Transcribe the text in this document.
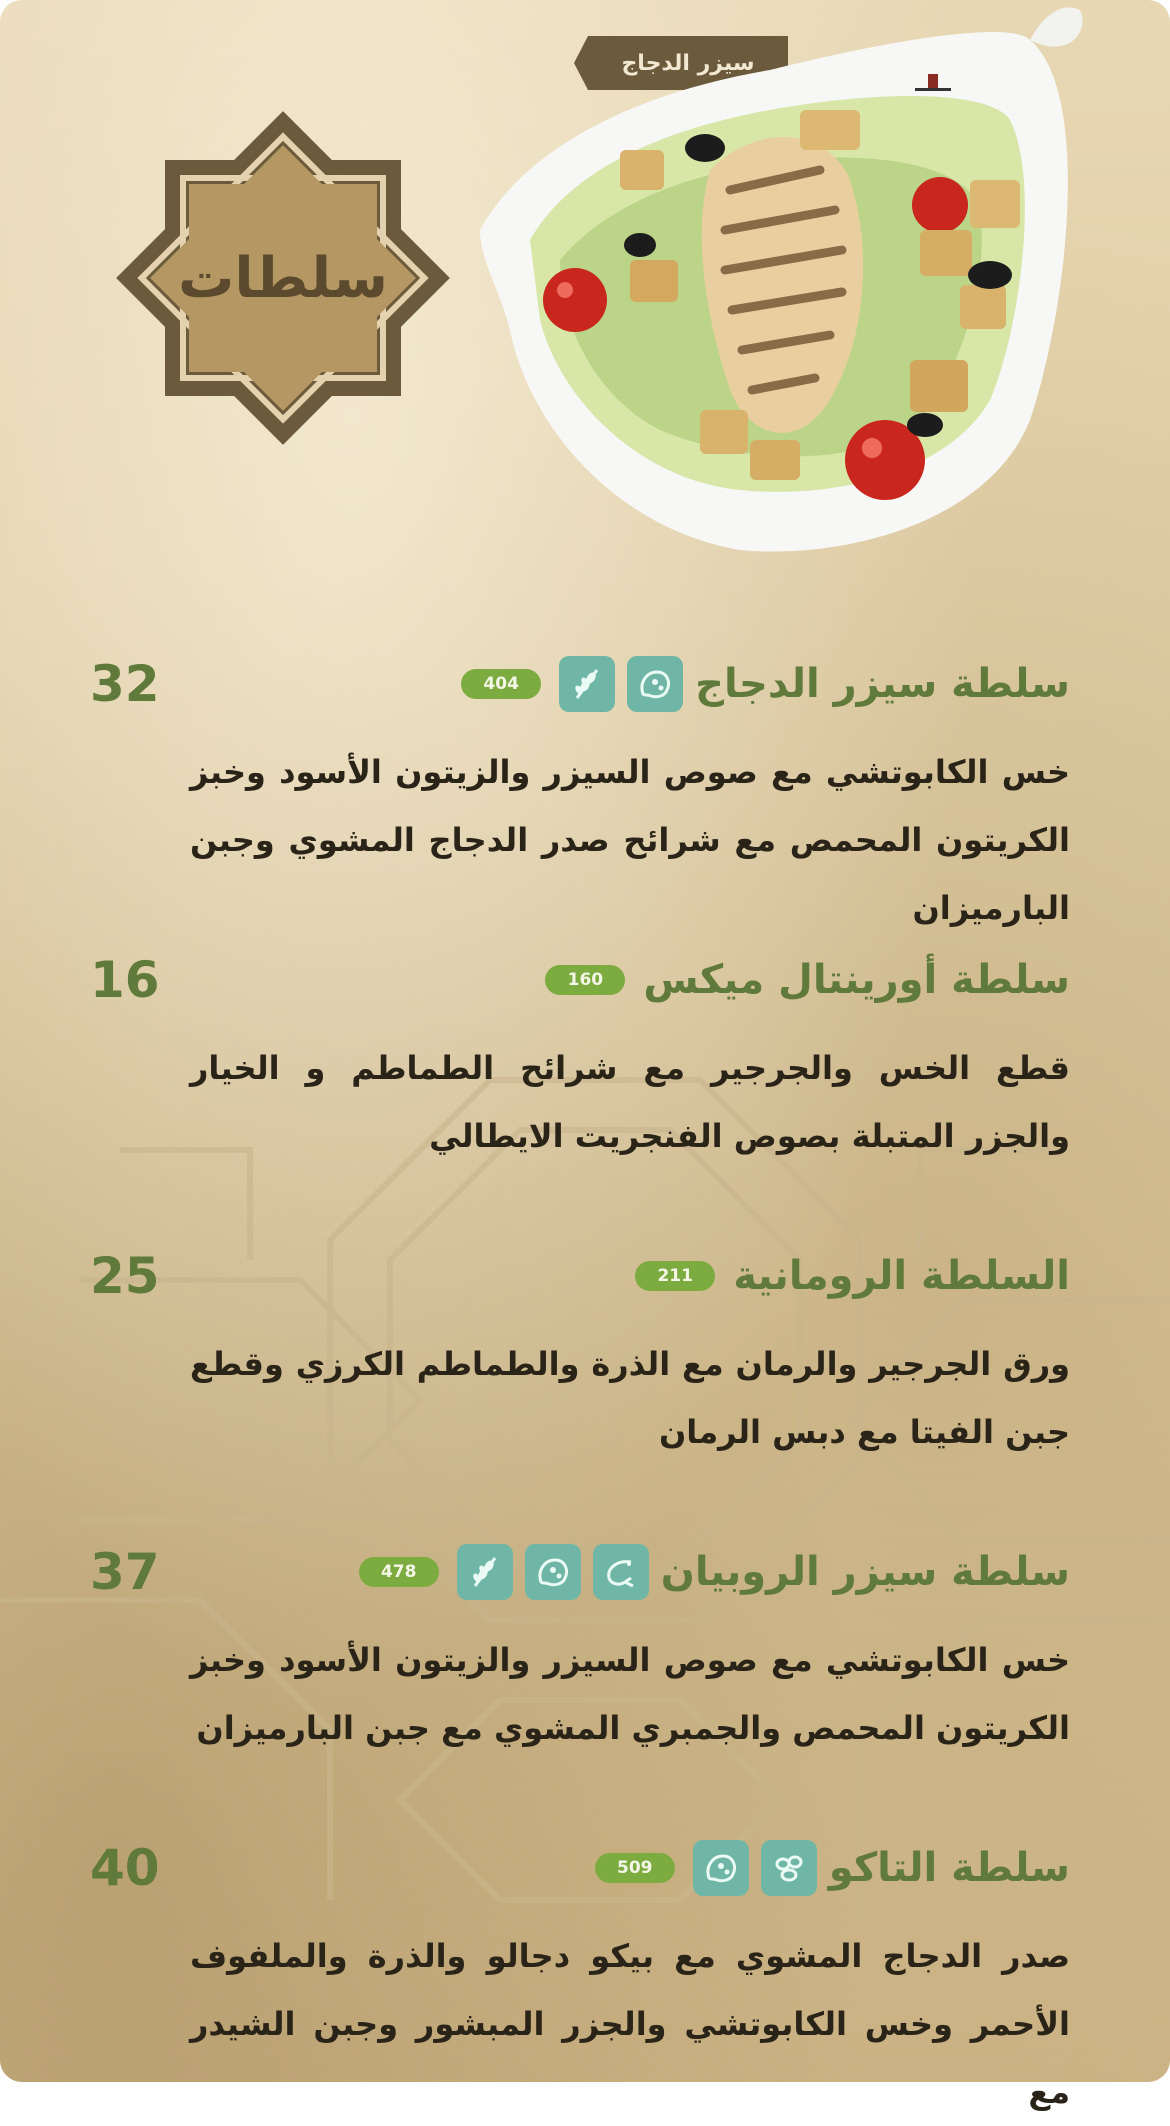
سيزر الدجاج
سلطات
32	سلطة سيزر الدجاج
404
خس الكابوتشي مع صوص السيزر والزيتون الأسود وخبز الكريتون المحمص مع شرائح صدر الدجاج المشوي وجبن البارميزان
16	سلطة أورينتال ميكس
160
قطع الخس والجرجير مع شرائح الطماطم و الخيار والجزر المتبلة بصوص الفنجريت الايطالي
25	السلطة الرومانية
211
ورق الجرجير والرمان مع الذرة والطماطم الكرزي وقطع جبن الفيتا مع دبس الرمان
37	سلطة سيزر الروبيان
478
خس الكابوتشي مع صوص السيزر والزيتون الأسود وخبز الكريتون المحمص والجمبري المشوي مع جبن البارميزان
40	سلطة التاكو
509
صدر الدجاج المشوي مع بيكو دجالو والذرة والملفوف الأحمر وخس الكابوتشي والجزر المبشور وجبن الشيدر مع
